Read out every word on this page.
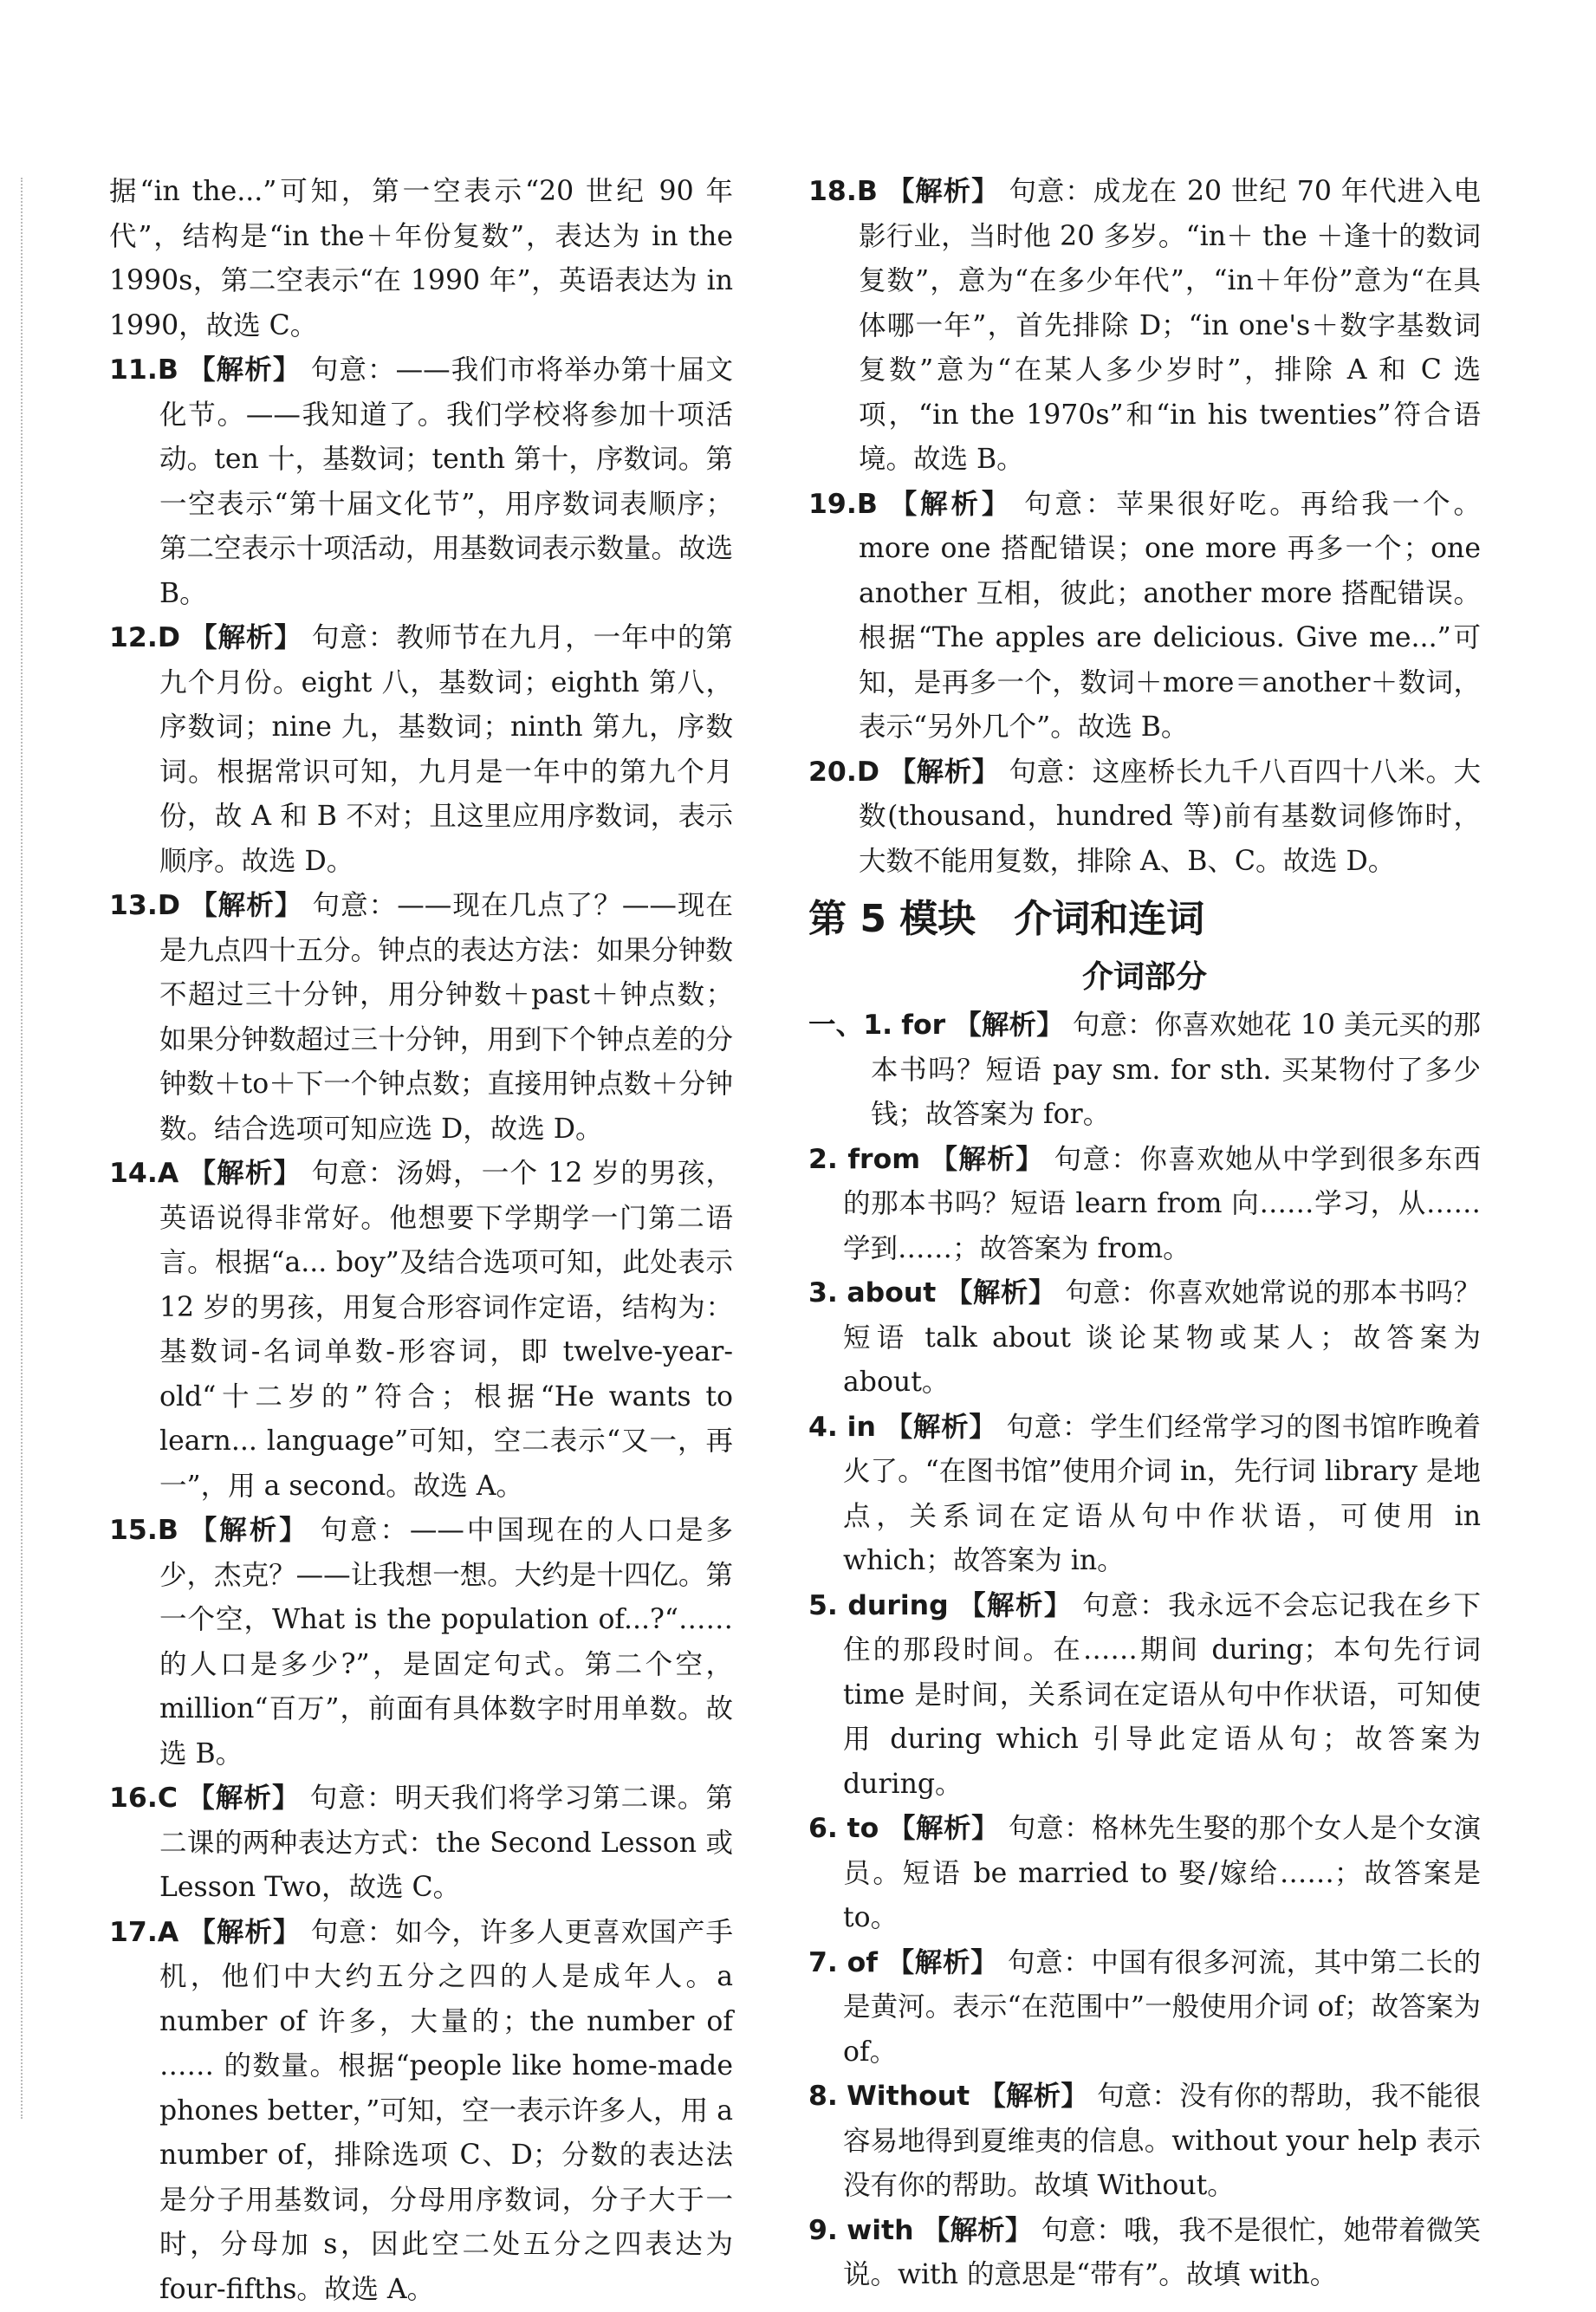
据“in the...”可知，第一空表示“20 世纪 90 年代”，结构是“in the＋年份复数”，表达为 in the 1990s，第二空表示“在 1990 年”，英语表达为 in 1990，故选 C。
11.B 【解析】 句意：——我们市将举办第十届文化节。——我知道了。我们学校将参加十项活动。ten 十，基数词；tenth 第十，序数词。第一空表示“第十届文化节”，用序数词表顺序；第二空表示十项活动，用基数词表示数量。故选 B。
12.D 【解析】 句意：教师节在九月，一年中的第九个月份。eight 八，基数词；eighth 第八，序数词；nine 九，基数词；ninth 第九，序数词。根据常识可知，九月是一年中的第九个月份，故 A 和 B 不对；且这里应用序数词，表示顺序。故选 D。
13.D 【解析】 句意：——现在几点了？——现在是九点四十五分。钟点的表达方法：如果分钟数不超过三十分钟，用分钟数＋past＋钟点数；如果分钟数超过三十分钟，用到下个钟点差的分钟数＋to＋下一个钟点数；直接用钟点数＋分钟数。结合选项可知应选 D，故选 D。
14.A 【解析】 句意：汤姆，一个 12 岁的男孩，英语说得非常好。他想要下学期学一门第二语言。根据“a... boy”及结合选项可知，此处表示 12 岁的男孩，用复合形容词作定语，结构为：基数词-名词单数-形容词，即 twelve-year-old“十二岁的”符合；根据“He wants to learn... language”可知，空二表示“又一，再一”，用 a second。故选 A。
15.B 【解析】 句意：——中国现在的人口是多少，杰克？——让我想一想。大约是十四亿。第一个空，What is the population of...?“……的人口是多少?”，是固定句式。第二个空，million“百万”，前面有具体数字时用单数。故选 B。
16.C 【解析】 句意：明天我们将学习第二课。第二课的两种表达方式：the Second Lesson 或 Lesson Two，故选 C。
17.A 【解析】 句意：如今，许多人更喜欢国产手机，他们中大约五分之四的人是成年人。a number of 许多，大量的；the number of …… 的数量。根据“people like home-made phones better，”可知，空一表示许多人，用 a number of，排除选项 C、D；分数的表达法是分子用基数词，分母用序数词，分子大于一时，分母加 s，因此空二处五分之四表达为 four-fifths。故选 A。
18.B 【解析】 句意：成龙在 20 世纪 70 年代进入电影行业，当时他 20 多岁。“in＋ the ＋逢十的数词复数”，意为“在多少年代”，“in＋年份”意为“在具体哪一年”，首先排除 D；“in one's＋数字基数词复数”意为“在某人多少岁时”，排除 A 和 C 选项，“in the 1970s”和“in his twenties”符合语境。故选 B。
19.B 【解析】 句意：苹果很好吃。再给我一个。more one 搭配错误；one more 再多一个；one another 互相，彼此；another more 搭配错误。根据“The apples are delicious. Give me...”可知，是再多一个，数词＋more＝another＋数词，表示“另外几个”。故选 B。
20.D 【解析】 句意：这座桥长九千八百四十八米。大数(thousand，hundred 等)前有基数词修饰时，大数不能用复数，排除 A、B、C。故选 D。
第 5 模块 介词和连词
介词部分
一、1. for 【解析】 句意：你喜欢她花 10 美元买的那本书吗？短语 pay sm. for sth. 买某物付了多少钱；故答案为 for。
2. from 【解析】 句意：你喜欢她从中学到很多东西的那本书吗？短语 learn from 向……学习，从……学到……；故答案为 from。
3. about 【解析】 句意：你喜欢她常说的那本书吗？短语 talk about 谈论某物或某人；故答案为 about。
4. in 【解析】 句意：学生们经常学习的图书馆昨晚着火了。“在图书馆”使用介词 in，先行词 library 是地点，关系词在定语从句中作状语，可使用 in which；故答案为 in。
5. during 【解析】 句意：我永远不会忘记我在乡下住的那段时间。在……期间 during；本句先行词 time 是时间，关系词在定语从句中作状语，可知使用 during which 引导此定语从句；故答案为 during。
6. to 【解析】 句意：格林先生娶的那个女人是个女演员。短语 be married to 娶/嫁给……；故答案是 to。
7. of 【解析】 句意：中国有很多河流，其中第二长的是黄河。表示“在范围中”一般使用介词 of；故答案为 of。
8. Without 【解析】 句意：没有你的帮助，我不能很容易地得到夏维夷的信息。without your help 表示没有你的帮助。故填 Without。
9. with 【解析】 句意：哦，我不是很忙，她带着微笑说。with 的意思是“带有”。故填 with。
